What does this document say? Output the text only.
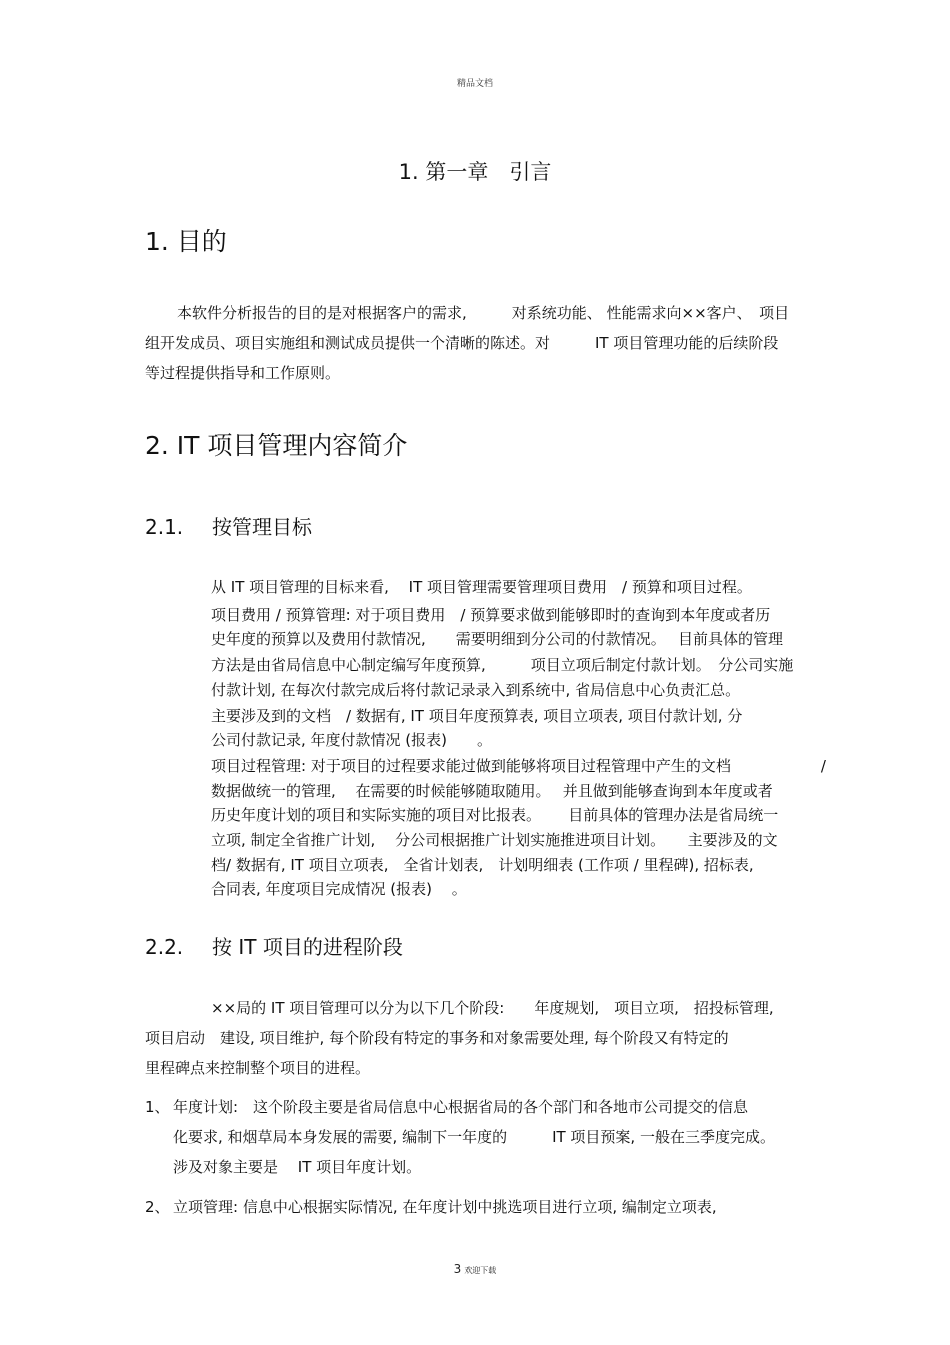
精品文档
1. 第一章　引言
1. 目的
本软件分析报告的目的是对根据客户的需求,　　　对系统功能、 性能需求向××客户、　项目
组开发成员、项目实施组和测试成员提供一个清晰的陈述。对　　　IT 项目管理功能的后续阶段
等过程提供指导和工作原则。
2. IT 项目管理内容简介
2.1. 按管理目标
从 IT 项目管理的目标来看,　 IT 项目管理需要管理项目费用　/ 预算和项目过程。
项目费用 / 预算管理: 对于项目费用　/ 预算要求做到能够即时的查询到本年度或者历
史年度的预算以及费用付款情况,　　需要明细到分公司的付款情况。　 目前具体的管理
方法是由省局信息中心制定编写年度预算,　　　项目立项后制定付款计划。　分公司实施
付款计划, 在每次付款完成后将付款记录录入到系统中, 省局信息中心负责汇总。
主要涉及到的文档　/ 数据有, IT 项目年度预算表, 项目立项表, 项目付款计划, 分
公司付款记录, 年度付款情况 (报表)　　。
项目过程管理: 对于项目的过程要求能过做到能够将项目过程管理中产生的文档　　　　　　/
数据做统一的管理,　 在需要的时候能够随取随用。　 并且做到能够查询到本年度或者
历史年度计划的项目和实际实施的项目对比报表。　　 目前具体的管理办法是省局统一
立项, 制定全省推广计划,　 分公司根据推广计划实施推进项目计划。　　主要涉及的文
档/ 数据有, IT 项目立项表,　全省计划表,　计划明细表 (工作项 / 里程碑), 招标表,
合同表, 年度项目完成情况 (报表)　 。
2.2. 按 IT 项目的进程阶段
××局的 IT 项目管理可以分为以下几个阶段:　　年度规划,　项目立项,　招投标管理,
项目启动　建设, 项目维护, 每个阶段有特定的事务和对象需要处理, 每个阶段又有特定的
里程碑点来控制整个项目的进程。
1、 年度计划:　这个阶段主要是省局信息中心根据省局的各个部门和各地市公司提交的信息
化要求, 和烟草局本身发展的需要, 编制下一年度的　　　IT 项目预案, 一般在三季度完成。
涉及对象主要是　 IT 项目年度计划。
2、 立项管理: 信息中心根据实际情况, 在年度计划中挑选项目进行立项, 编制定立项表,
3 欢迎下载
